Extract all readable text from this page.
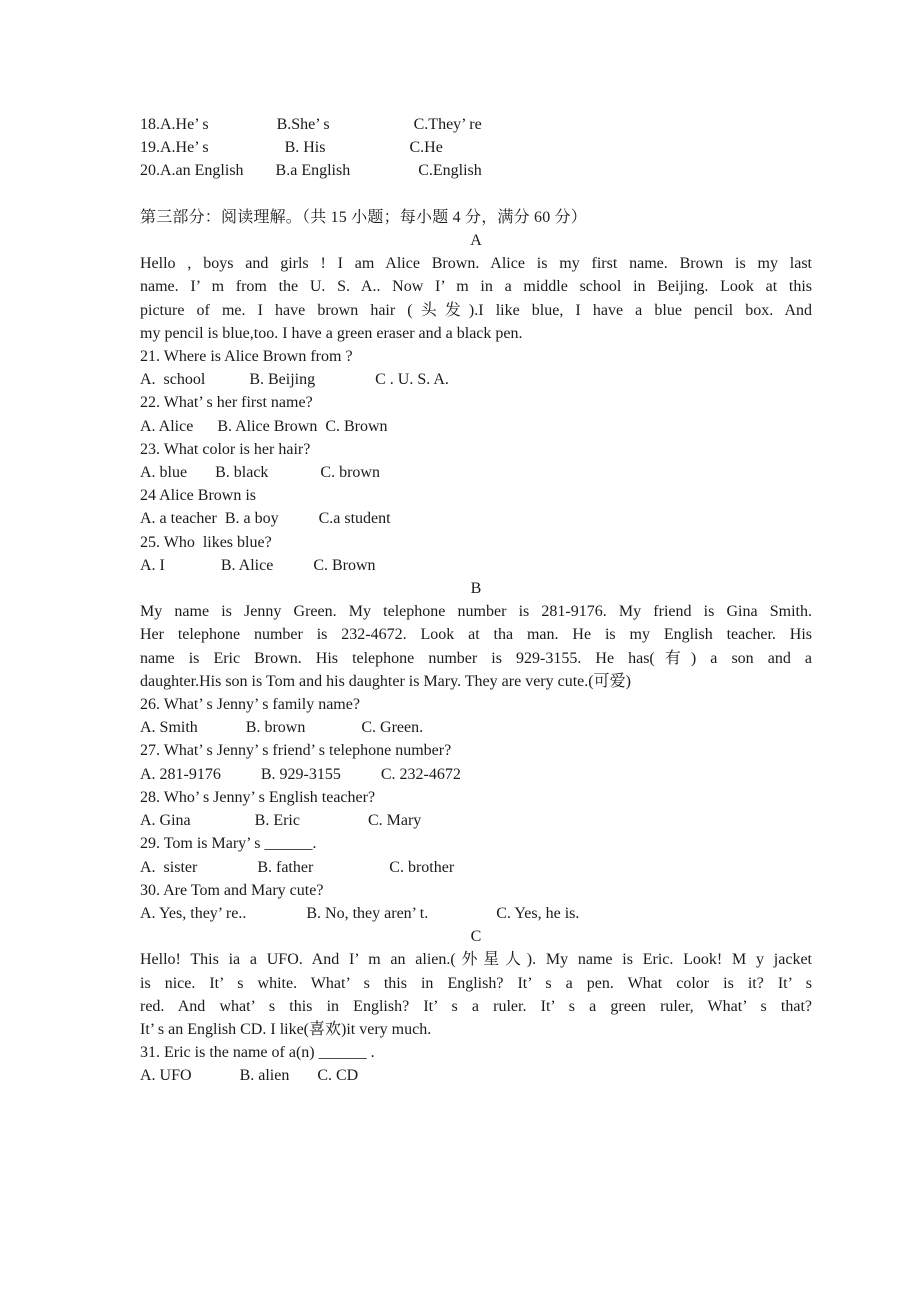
18.A.He’ s                 B.She’ s                     C.They’ re
19.A.He’ s                   B. His                     C.He
20.A.an English        B.a English                 C.English

第三部分：阅读理解。（共 15 小题；每小题 4 分，满分 60 分）
A
Hello , boys and girls ! I am Alice Brown. Alice is my first name. Brown is my last
name. I’ m from the U. S. A.. Now I’ m in a middle school in Beijing. Look at this
picture of me. I have brown hair (头发).I like blue, I have a blue pencil box. And
my pencil is blue,too. I have a green eraser and a black pen.
21. Where is Alice Brown from ?
A.  school           B. Beijing               C . U. S. A.
22. What’ s her first name?
A. Alice      B. Alice Brown  C. Brown
23. What color is her hair?
A. blue       B. black             C. brown
24 Alice Brown is
A. a teacher  B. a boy          C.a student
25. Who  likes blue?
A. I              B. Alice          C. Brown
B
My name is Jenny Green. My telephone number is 281-9176. My friend is Gina Smith.
Her telephone number is 232-4672. Look at tha man. He is my English teacher. His
name is Eric Brown. His telephone number is 929-3155. He has(有) a son and a
daughter.His son is Tom and his daughter is Mary. They are very cute.(可爱)
26. What’ s Jenny’ s family name?
A. Smith            B. brown              C. Green.
27. What’ s Jenny’ s friend’ s telephone number?
A. 281-9176          B. 929-3155          C. 232-4672
28. Who’ s Jenny’ s English teacher?
A. Gina                B. Eric                 C. Mary
29. Tom is Mary’ s ______.
A.  sister               B. father                   C. brother
30. Are Tom and Mary cute?
A. Yes, they’ re..               B. No, they aren’ t.                 C. Yes, he is.
C
Hello! This ia a UFO. And I’ m an alien.(外星人). My name is Eric. Look! M y jacket
is nice. It’ s white. What’ s this in English? It’ s a pen. What color is it? It’ s
red. And what’ s this in English? It’ s a ruler. It’ s a green ruler, What’ s that?
It’ s an English CD. I like(喜欢)it very much.
31. Eric is the name of a(n) ______ .
A. UFO            B. alien       C. CD
